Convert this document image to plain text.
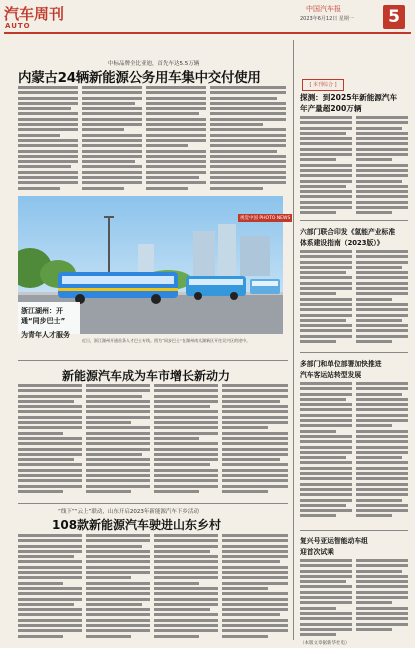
汽车周刊
AUTO
中国汽车报
2023年6月12日 星期一 5
中标品牌全比亚迪，首先车达5.5万辆
内蒙古24辆新能源公务用车集中交付使用
视觉中国 PHOTO NEWS
浙江湖州：开通“同步巴士”
为青年人才服务
近日，浙江湖州开通首条人才巴士专线。图为“同步巴士”在湖州南太湖新区开往吴兴区的途中。
新能源汽车成为车市增长新动力
“线下”“云上”联动，山东开启2023年新能源汽车下乡活动
108款新能源汽车驶进山东乡村
[ 本刊综合 ]
探测：到2025年新能源汽车
年产量超200万辆
六部门联合印发《氢能产业标准
体系建设指南（2023版）》
多部门和单位部署加快推进
汽车客运站转型发展
复兴号亚运智能动车组
迎首次试乘
（本版文章据新华社电）
